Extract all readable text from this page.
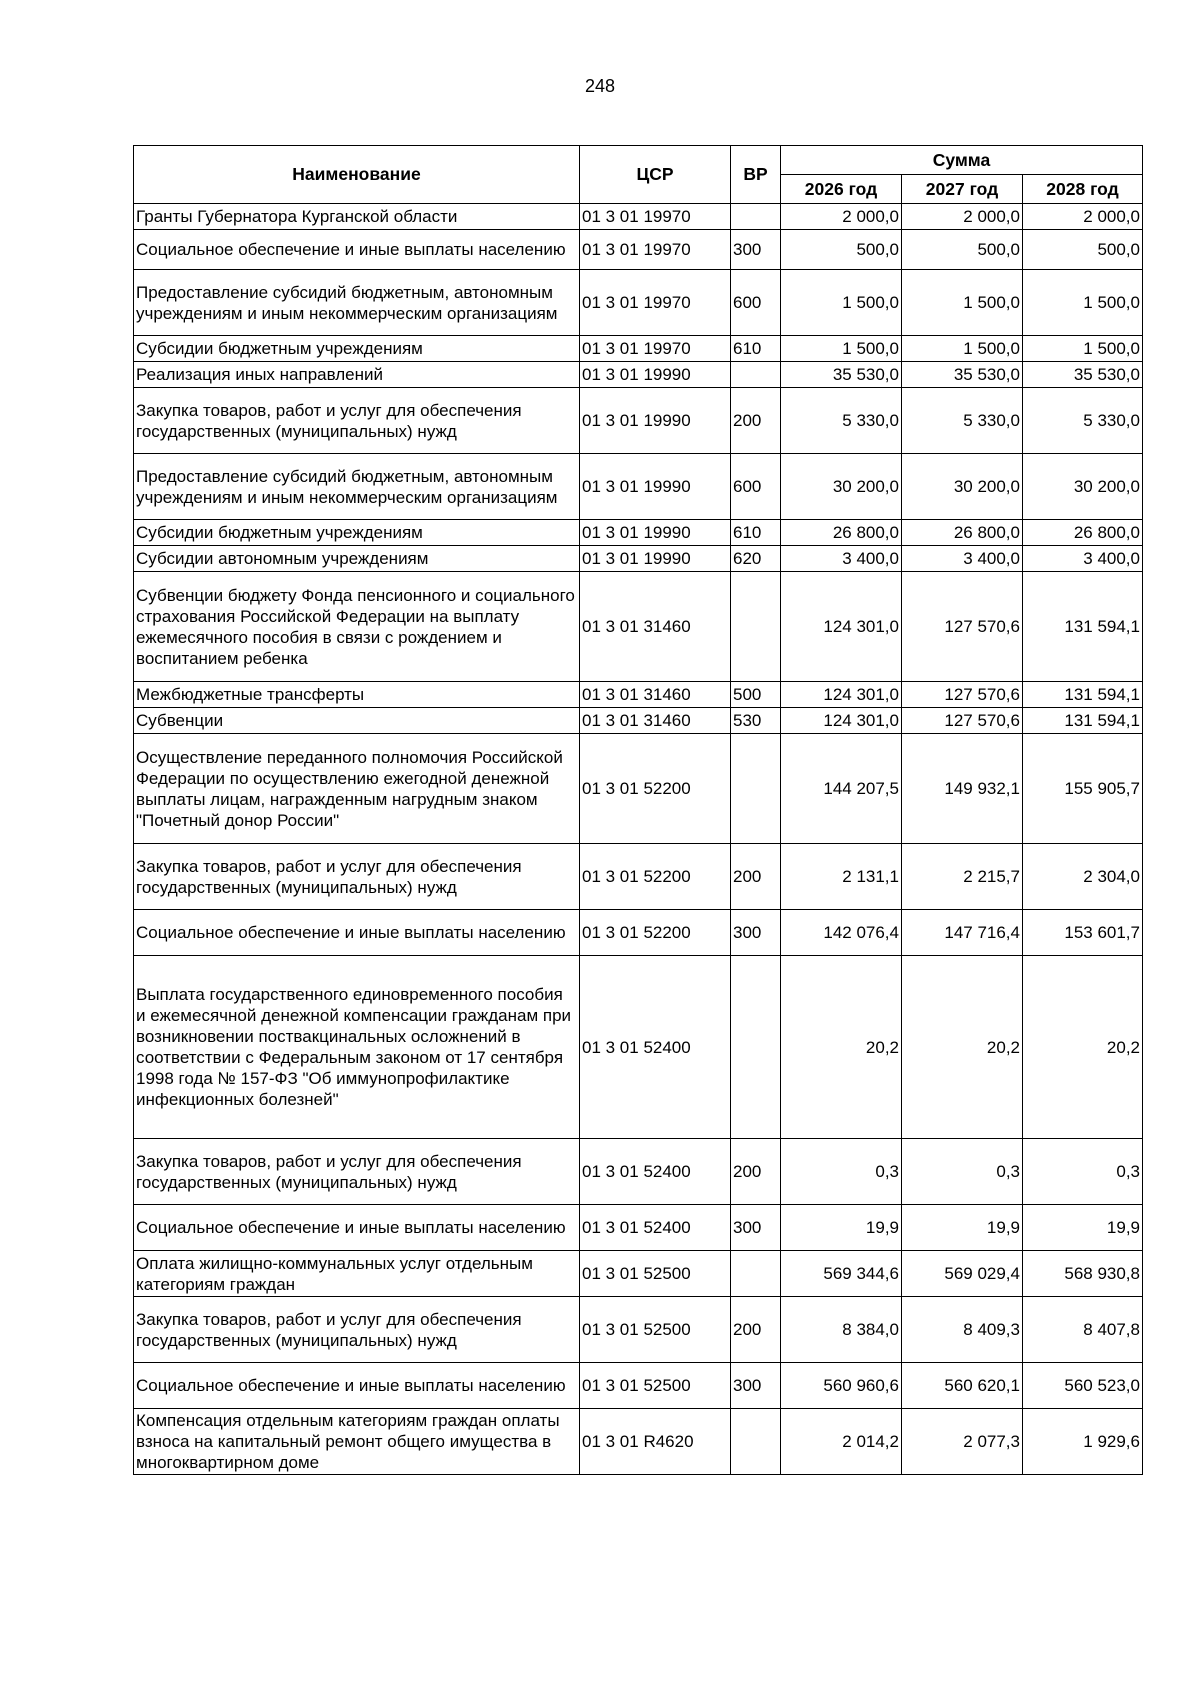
248
Наименование	ЦСР	ВР	Сумма		
			2026 год	2027 год	2028 год
Гранты Губернатора Курганской области	01 3 01 19970		2 000,0	2 000,0	2 000,0
Социальное обеспечение и иные выплаты населению	01 3 01 19970	300	500,0	500,0	500,0
Предоставление субсидий бюджетным, автономным учреждениям и иным некоммерческим организациям	01 3 01 19970	600	1 500,0	1 500,0	1 500,0
Субсидии бюджетным учреждениям	01 3 01 19970	610	1 500,0	1 500,0	1 500,0
Реализация иных направлений	01 3 01 19990		35 530,0	35 530,0	35 530,0
Закупка товаров, работ и услуг для обеспечения государственных (муниципальных) нужд	01 3 01 19990	200	5 330,0	5 330,0	5 330,0
Предоставление субсидий бюджетным, автономным учреждениям и иным некоммерческим организациям	01 3 01 19990	600	30 200,0	30 200,0	30 200,0
Субсидии бюджетным учреждениям	01 3 01 19990	610	26 800,0	26 800,0	26 800,0
Субсидии автономным учреждениям	01 3 01 19990	620	3 400,0	3 400,0	3 400,0
Субвенции бюджету Фонда пенсионного и социального страхования Российской Федерации на выплату ежемесячного пособия в связи с рождением и воспитанием ребенка	01 3 01 31460		124 301,0	127 570,6	131 594,1
Межбюджетные трансферты	01 3 01 31460	500	124 301,0	127 570,6	131 594,1
Субвенции	01 3 01 31460	530	124 301,0	127 570,6	131 594,1
Осуществление переданного полномочия Российской Федерации по осуществлению ежегодной денежной выплаты лицам, награжденным нагрудным знаком "Почетный донор России"	01 3 01 52200		144 207,5	149 932,1	155 905,7
Закупка товаров, работ и услуг для обеспечения государственных (муниципальных) нужд	01 3 01 52200	200	2 131,1	2 215,7	2 304,0
Социальное обеспечение и иные выплаты населению	01 3 01 52200	300	142 076,4	147 716,4	153 601,7
Выплата государственного единовременного пособия и ежемесячной денежной компенсации гражданам при возникновении поствакцинальных осложнений в соответствии с Федеральным законом от 17 сентября 1998 года № 157-ФЗ "Об иммунопрофилактике инфекционных болезней"	01 3 01 52400		20,2	20,2	20,2
Закупка товаров, работ и услуг для обеспечения государственных (муниципальных) нужд	01 3 01 52400	200	0,3	0,3	0,3
Социальное обеспечение и иные выплаты населению	01 3 01 52400	300	19,9	19,9	19,9
Оплата жилищно-коммунальных услуг отдельным категориям граждан	01 3 01 52500		569 344,6	569 029,4	568 930,8
Закупка товаров, работ и услуг для обеспечения государственных (муниципальных) нужд	01 3 01 52500	200	8 384,0	8 409,3	8 407,8
Социальное обеспечение и иные выплаты населению	01 3 01 52500	300	560 960,6	560 620,1	560 523,0
Компенсация отдельным категориям граждан оплаты взноса на капитальный ремонт общего имущества в многоквартирном доме	01 3 01 R4620		2 014,2	2 077,3	1 929,6
